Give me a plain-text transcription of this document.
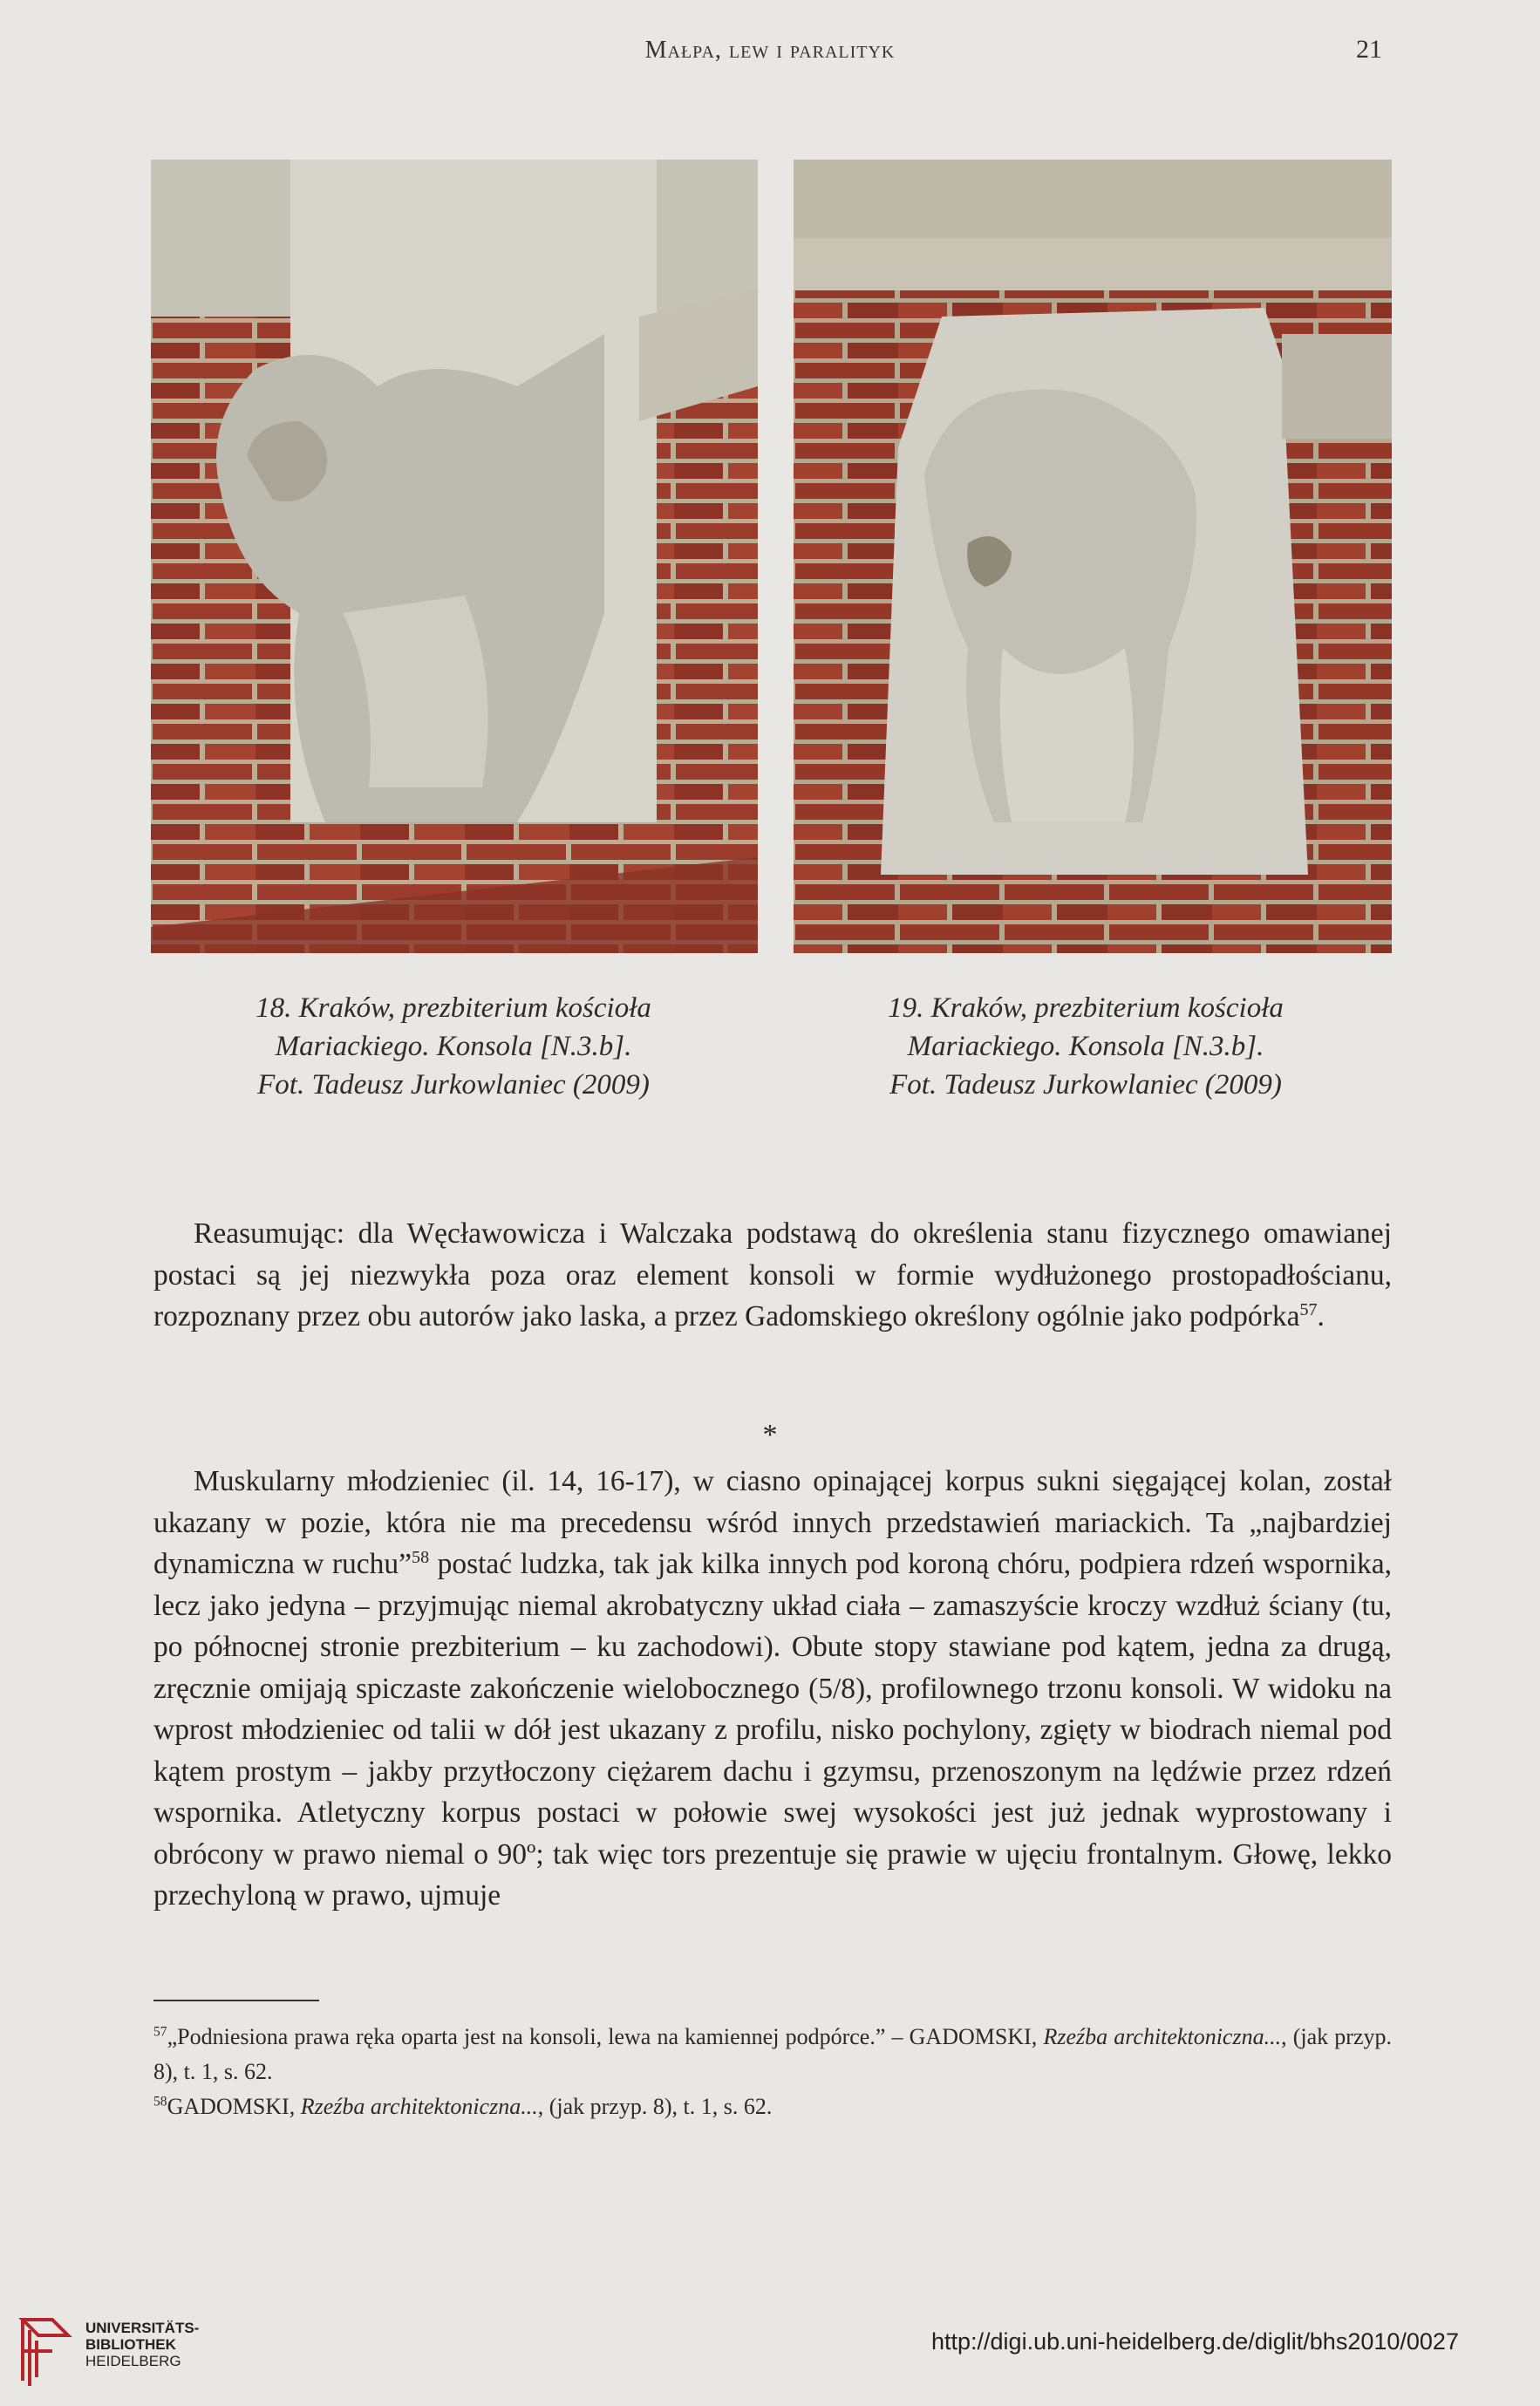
Małpa, lew i paralityk	21
18. Kraków, prezbiterium kościoła
Mariackiego. Konsola [N.3.b].
Fot. Tadeusz Jurkowlaniec (2009)
19. Kraków, prezbiterium kościoła
Mariackiego. Konsola [N.3.b].
Fot. Tadeusz Jurkowlaniec (2009)

Reasumując: dla Węcławowicza i Walczaka podstawą do określenia stanu fizycznego omawianej postaci są jej niezwykła poza oraz element konsoli w formie wydłużonego prostopadłościanu, rozpoznany przez obu autorów jako laska, a przez Gadomskiego określony ogólnie jako podpórka$^{57}$.

*

Muskularny młodzieniec (il. 14, 16-17), w ciasno opinającej korpus sukni sięgającej kolan, został ukazany w pozie, która nie ma precedensu wśród innych przedstawień mariackich. Ta „najbardziej dynamiczna w ruchu”$^{58}$ postać ludzka, tak jak kilka innych pod koroną chóru, podpiera rdzeń wspornika, lecz jako jedyna – przyjmując niemal akrobatyczny układ ciała – zamaszyście kroczy wzdłuż ściany (tu, po północnej stronie prezbiterium – ku zachodowi). Obute stopy stawiane pod kątem, jedna za drugą, zręcznie omijają spiczaste zakończenie wielobocznego (5/8), profilownego trzonu konsoli. W widoku na wprost młodzieniec od talii w dół jest ukazany z profilu, nisko pochylony, zgięty w biodrach niemal pod kątem prostym – jakby przytłoczony ciężarem dachu i gzymsu, przenoszonym na lędźwie przez rdzeń wspornika. Atletyczny korpus postaci w połowie swej wysokości jest już jednak wyprostowany i obrócony w prawo niemal o 90º; tak więc tors prezentuje się prawie w ujęciu frontalnym. Głowę, lekko przechyloną w prawo, ujmuje

$^{57}$„Podniesiona prawa ręka oparta jest na konsoli, lewa na kamiennej podpórce.” – GADOMSKI, Rzeźba architektoniczna..., (jak przyp. 8), t. 1, s. 62.

$^{58}$GADOMSKI, Rzeźba architektoniczna..., (jak przyp. 8), t. 1, s. 62.

UNIVERSITÄTS-
BIBLIOTHEK
HEIDELBERG
http://digi.ub.uni-heidelberg.de/diglit/bhs2010/0027
